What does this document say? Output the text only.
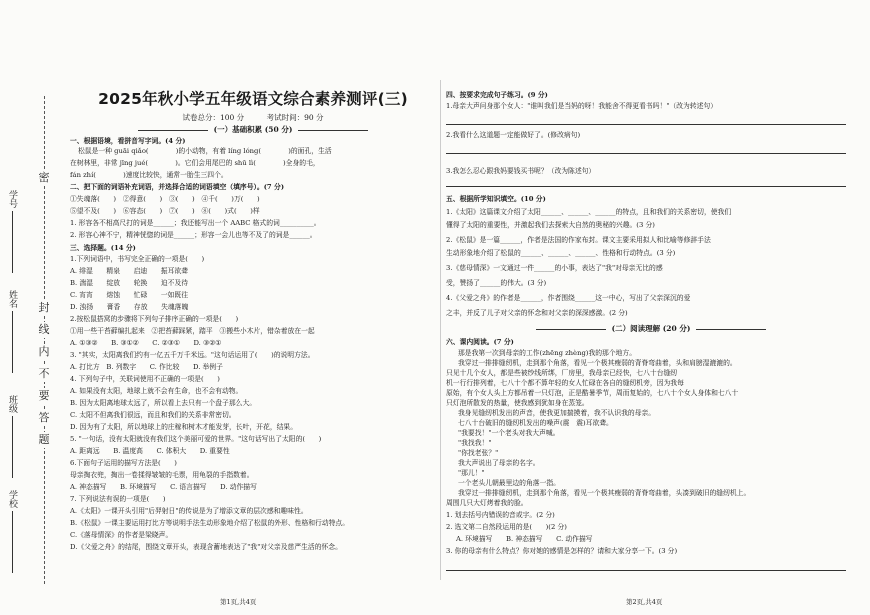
密
封
线
内
不
要
答
题
学号
姓名
班级
学校
2025年秋小学五年级语文综合素养测评(三)
试卷总分：100 分	考试时间：90 分
(一）基础积累 (50 分)
一、根据语境，看拼音写字词。(4 分)
松鼠是一种 guāi qiǎo(　　　　)的小动物，有着 líng lóng(　　　　)的面孔，生活
在树林里，非常 jīng jué(　　　　)。它们会用尾巴的 shū lì(　　　　)全身的毛，
fán zhí(　　　　)速度比较快，通常一胎生三四个。
二、把下面的词语补充词语，并选择合适的词语填空（填序号）。(7 分)
①失魂落(　　)　②得意(　　)　③(　　)　④千(　　)万(　　)
⑤望不及(　　)　⑥容态(　　)　⑦(　　)　⑧(　　)式(　　)样
1. 形容各不相高尺打的词是______；我还能写出一个 AABC 格式的词__________。
2. 形容心神不宁，精神恍惚的词是______；形容一会儿也等不及了的词是______。
三、选择题。(14 分)
1.下列词语中，书写完全正确的一项是(　　)
A. 绯湿　　精泉　　启迪　　振耳欲聋
B. 湍湿　　绽放　　轮换　　迫不及待
C. 宵宵　　熔蚀　　忙碌　　一如既往
D. 浊扬　　膏香　　存放　　失魂落魄
2.按松鼠搭窝的步骤将下列句子排序正确的一项是(　　)
①用一些干苔藓编扎起来　②把苔藓踩紧，踏平　③搬些小木片，错杂着放在一起
A. ①③②　　B. ③①②　　C. ②③①　　D. ③②①
3. "其实，太阳离我们约有一亿五千万千米远。"这句话运用了(　　)的说明方法。
A. 打比方　B. 列数字　　C. 作比较　　D. 举例子
4. 下列句子中，关联词使用不正确的一项是(　　)
A. 如果没有太阳，地球上就不会有生命，也不会有动物。
B. 因为太阳离地球太远了，所以看上去只有一个盘子那么大。
C. 太阳不但离我们很远，而且和我们的关系非常密切。
D. 因为有了太阳，所以地球上的庄稼和树木才能发芽，长叶，开花，结果。
5. "一句话，没有太阳就没有我们这个美丽可爱的世界。"这句话写出了太阳的(　　)
A. 距离远　　B. 温度高　　C. 体积大　　D. 重要性
6.下面句子运用的描写方法是(　　)
母亲掏衣兜，掏出一卷揉得皱皱的毛票，用龟裂的手指数着。
A. 神态描写　　B. 环境描写　　C. 语言描写　　D. 动作描写
7. 下列说法有误的一项是(　　)
A.《太阳》一课开头引用"后羿射日"的传说是为了增添文章的层次感和趣味性。
B.《松鼠》一课主要运用打比方等说明手法生动形象地介绍了松鼠的外形、性格和行动特点。
C.《落母情深》的作者是梁晓声。
D.《父爱之舟》的结尾，围绕文章开头，表现含蓄地表达了"我"对父亲及慈严生活的怀念。
第1页,共4页
四、按要求完成句子练习。(9 分)
1.母亲大声问身那个女人："谁叫我们是当妈的呀！我能舍不得更看书吗！"（改为转述句）
2.我看什么这道题一定能做好了。(修改病句)
3.我怎么忍心跟我妈要钱买书呢？（改为陈述句）
五、根据所学知识填空。(10 分)
1.《太阳》这篇课文介绍了太阳______、______、______的特点，且和我们的关系密切，使我们
懂得了太阳的重要性，并激起我们去探索大自然的奥秘的兴趣。(3 分)
2.《松鼠》是一篇______，作者是法国的作家布封。课文主要采用拟人和比喻等修辞手法
生动形象地介绍了松鼠的______、______、______、性格和行动特点。(3 分)
3.《慈母情深》一文通过一件______的小事，表达了"我"对母亲无比的感
受，赞扬了______的伟大。(3 分)
4.《父爱之舟》的作者是______，作者围绕______这一中心，写出了父亲深沉的爱
之丰，并反了儿子对父亲的怀念和对父亲的深深感激。(2 分)
(二）阅读理解 (20 分)
六、课内阅读。(7 分)
那是我第一次到母亲的工作(zhēng zhèng)我的那个地方。
我穿过一排排缝纫机，走到那个角落，看见一个极其瘦弱的背脊弯曲着，头和肩膀湿漉漉的。
只见十几个女人，都是些被纱线所绑，厂房里，我母亲已经快，七八十台缝纫
机一行行排列着，七八十个都不算年轻的女人忙碌在各自的缝纫机旁，因为我每
原始，有个女人头上方都吊着一只灯泡，正是酷暑季节，周而复始的，七八十个女人身体和七八十
只灯泡所散发的热量，使我感到犹如身在蒸笼。
我身见缝纫机发出的声音，使我更加揣摸着，我不认识我的母亲。
七八十台破旧的缝纫机发出的噪声(震　震)耳欲聋。
"我要找！"一个老头对我大声喊。
"我找我！"
"你找老张？"
我大声说出了母亲的名字。
"那儿！"
一个老头儿朝最里边的角落一指。
我穿过一排排缝纫机，走到那个角落，看见一个极其瘦弱的背脊弯曲着，头凑到破旧的缝纫机上。
周围几只大灯烤着我的脸。
1. 划去括号内错误的音或字。(2 分)
2. 选文第二自然段运用的是(　　)(2 分)
A. 环境描写　　B. 神态描写　　C. 动作描写
3. 你的母亲有什么特点？你对她的感情是怎样的？请和大家分享一下。(3 分)
第2页,共4页
